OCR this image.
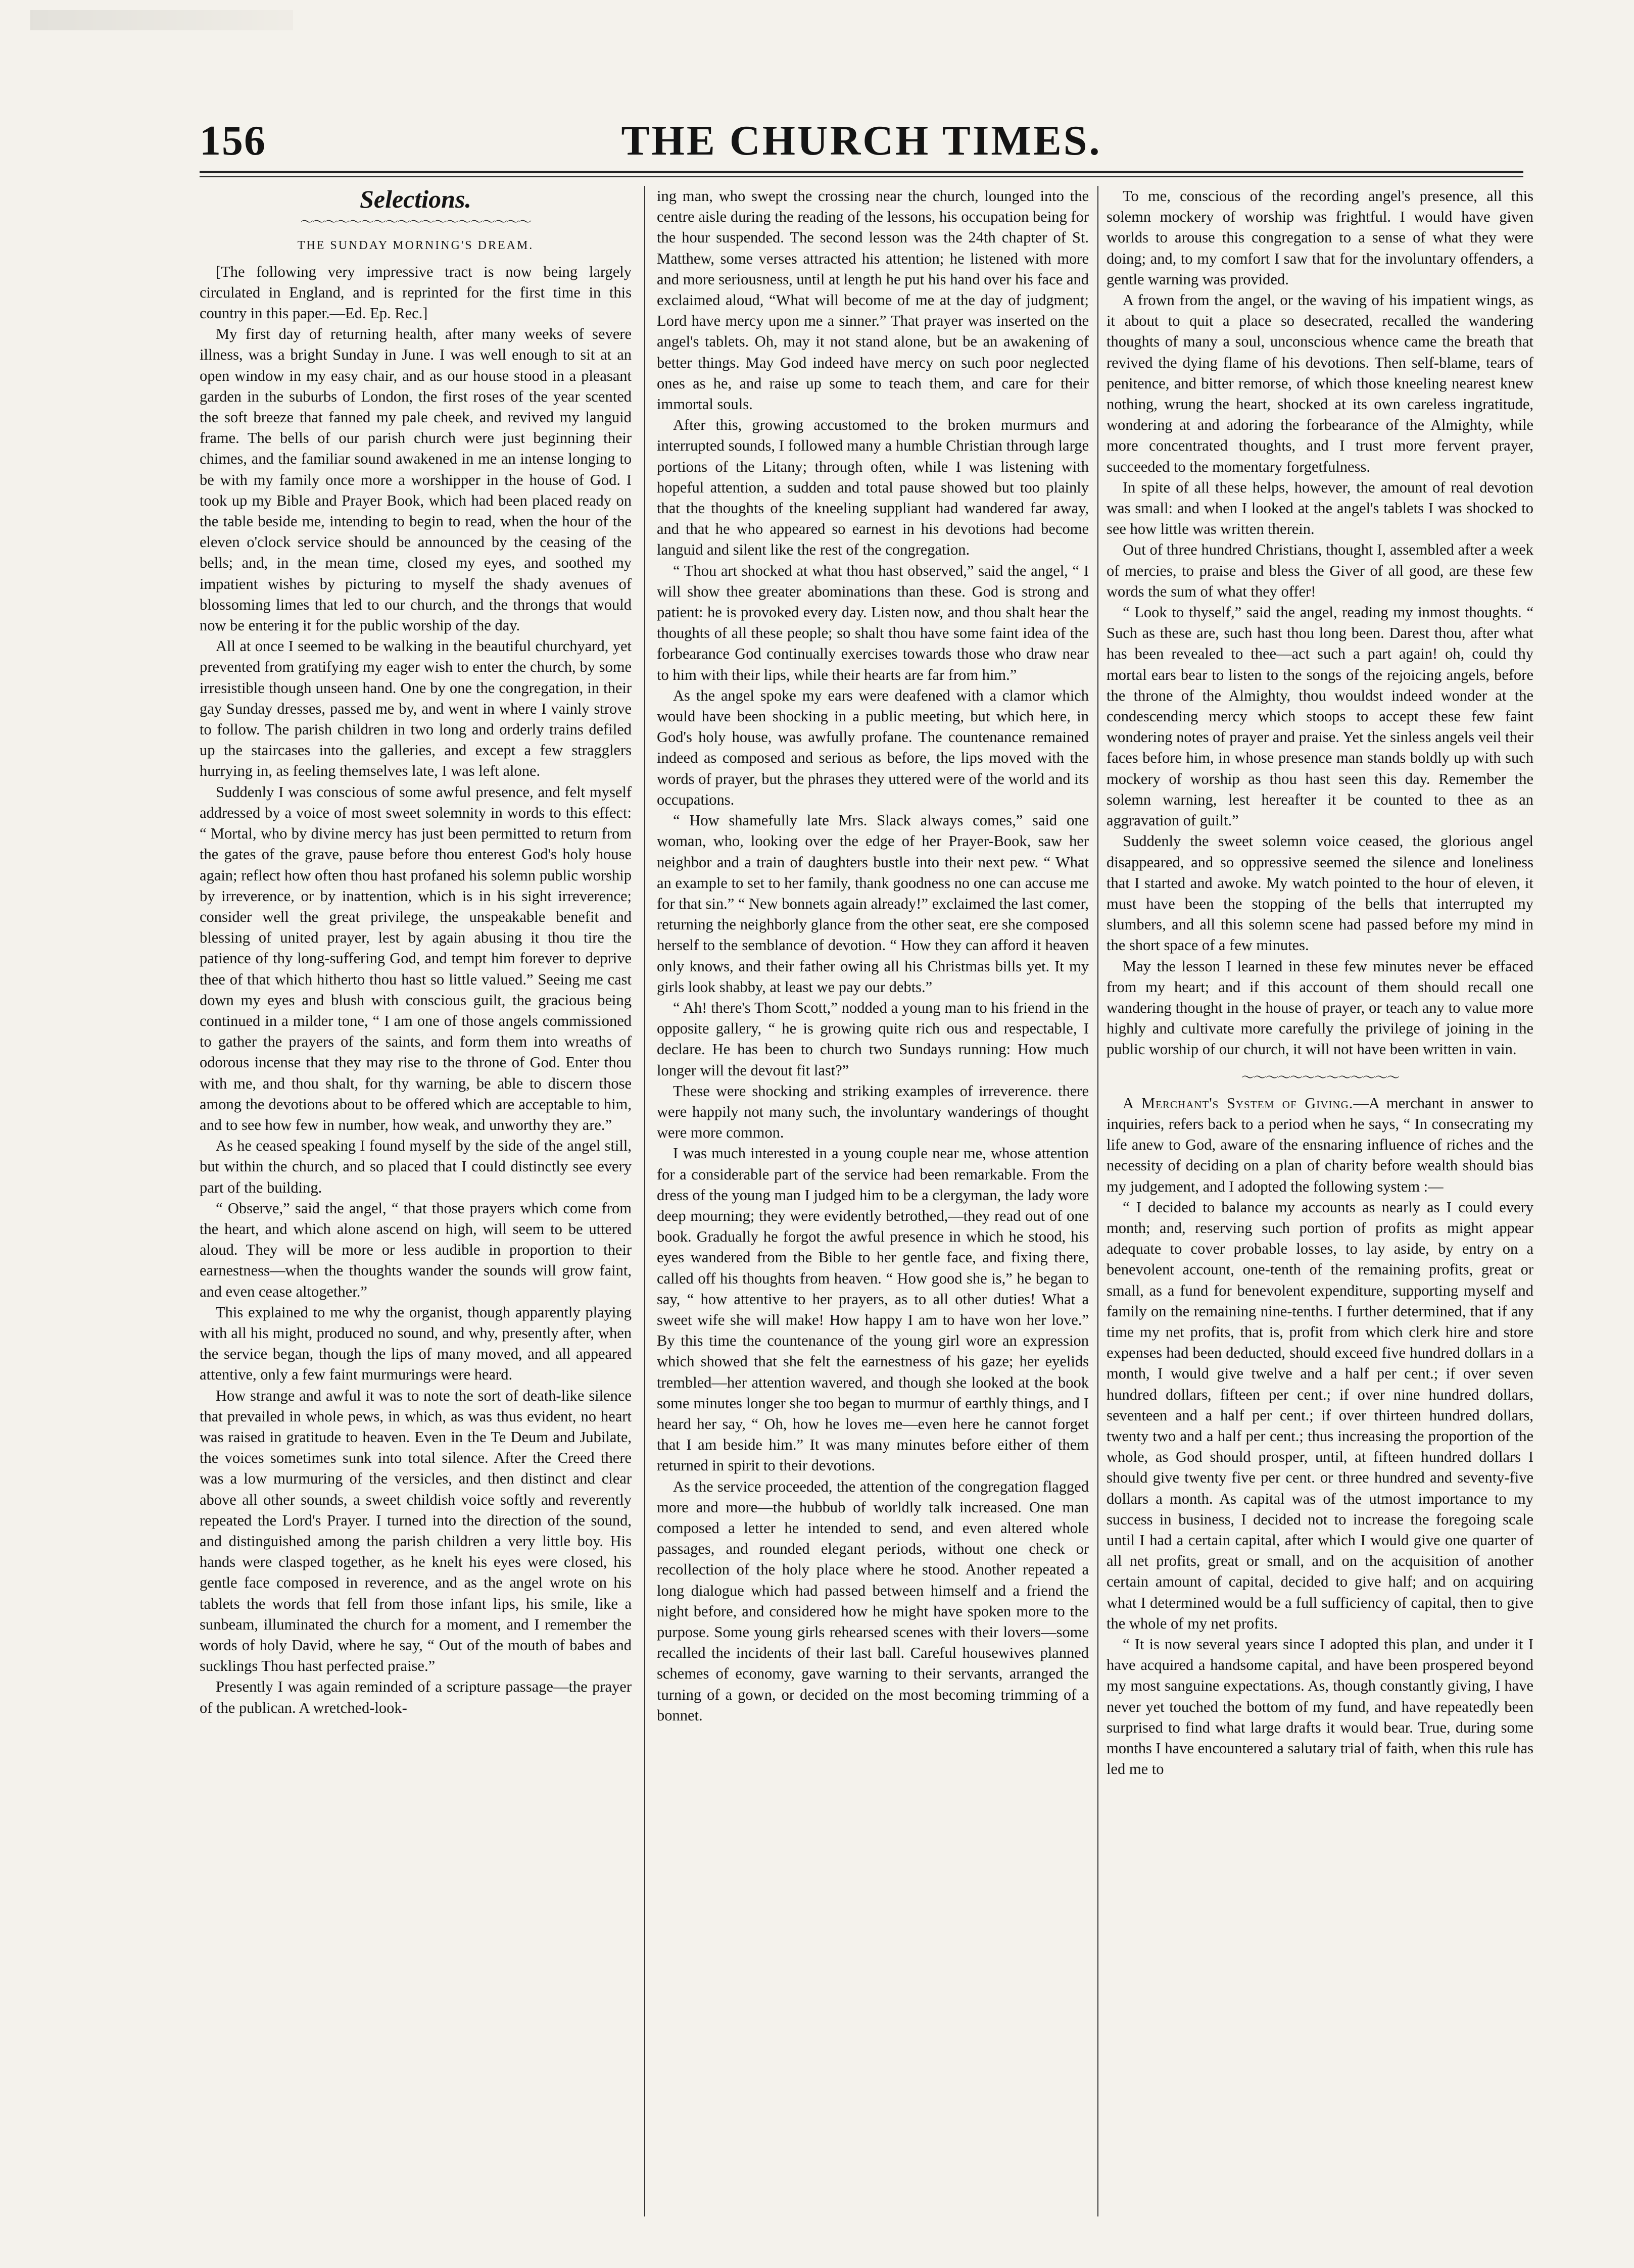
156	THE CHURCH TIMES.
Selections.
〜〜〜〜〜〜〜〜〜〜〜〜〜〜〜〜〜〜〜
THE SUNDAY MORNING'S DREAM.

[The following very impressive tract is now being largely circulated in England, and is reprinted for the first time in this country in this paper.—Ed. Ep. Rec.]

My first day of returning health, after many weeks of severe illness, was a bright Sunday in June. I was well enough to sit at an open window in my easy chair, and as our house stood in a pleasant garden in the suburbs of London, the first roses of the year scented the soft breeze that fanned my pale cheek, and revived my languid frame. The bells of our parish church were just beginning their chimes, and the familiar sound awakened in me an intense longing to be with my family once more a worshipper in the house of God. I took up my Bible and Prayer Book, which had been placed ready on the table beside me, intending to begin to read, when the hour of the eleven o'clock service should be announced by the ceasing of the bells; and, in the mean time, closed my eyes, and soothed my impatient wishes by picturing to myself the shady avenues of blossoming limes that led to our church, and the throngs that would now be entering it for the public worship of the day.

All at once I seemed to be walking in the beautiful churchyard, yet prevented from gratifying my eager wish to enter the church, by some irresistible though unseen hand. One by one the congregation, in their gay Sunday dresses, passed me by, and went in where I vainly strove to follow. The parish children in two long and orderly trains defiled up the staircases into the galleries, and except a few stragglers hurrying in, as feeling themselves late, I was left alone.

Suddenly I was conscious of some awful presence, and felt myself addressed by a voice of most sweet solemnity in words to this effect: “ Mortal, who by divine mercy has just been permitted to return from the gates of the grave, pause before thou enterest God's holy house again; reflect how often thou hast profaned his solemn public worship by irreverence, or by inattention, which is in his sight irreverence; consider well the great privilege, the unspeakable benefit and blessing of united prayer, lest by again abusing it thou tire the patience of thy long-suffering God, and tempt him forever to deprive thee of that which hitherto thou hast so little valued.” Seeing me cast down my eyes and blush with conscious guilt, the gracious being continued in a milder tone, “ I am one of those angels commissioned to gather the prayers of the saints, and form them into wreaths of odorous incense that they may rise to the throne of God. Enter thou with me, and thou shalt, for thy warning, be able to discern those among the devotions about to be offered which are acceptable to him, and to see how few in number, how weak, and unworthy they are.”

As he ceased speaking I found myself by the side of the angel still, but within the church, and so placed that I could distinctly see every part of the building.

“ Observe,” said the angel, “ that those prayers which come from the heart, and which alone ascend on high, will seem to be uttered aloud. They will be more or less audible in proportion to their earnestness—when the thoughts wander the sounds will grow faint, and even cease altogether.”

This explained to me why the organist, though apparently playing with all his might, produced no sound, and why, presently after, when the service began, though the lips of many moved, and all appeared attentive, only a few faint murmurings were heard.

How strange and awful it was to note the sort of death-like silence that prevailed in whole pews, in which, as was thus evident, no heart was raised in gratitude to heaven. Even in the Te Deum and Jubilate, the voices sometimes sunk into total silence. After the Creed there was a low murmuring of the versicles, and then distinct and clear above all other sounds, a sweet childish voice softly and reverently repeated the Lord's Prayer. I turned into the direction of the sound, and distinguished among the parish children a very little boy. His hands were clasped together, as he knelt his eyes were closed, his gentle face composed in reverence, and as the angel wrote on his tablets the words that fell from those infant lips, his smile, like a sunbeam, illuminated the church for a moment, and I remember the words of holy David, where he say, “ Out of the mouth of babes and sucklings Thou hast perfected praise.”

Presently I was again reminded of a scripture passage—the prayer of the publican. A wretched-look-

ing man, who swept the crossing near the church, lounged into the centre aisle during the reading of the lessons, his occupation being for the hour suspended. The second lesson was the 24th chapter of St. Matthew, some verses attracted his attention; he listened with more and more seriousness, until at length he put his hand over his face and exclaimed aloud, “What will become of me at the day of judgment; Lord have mercy upon me a sinner.” That prayer was inserted on the angel's tablets. Oh, may it not stand alone, but be an awakening of better things. May God indeed have mercy on such poor neglected ones as he, and raise up some to teach them, and care for their immortal souls.

After this, growing accustomed to the broken murmurs and interrupted sounds, I followed many a humble Christian through large portions of the Litany; through often, while I was listening with hopeful attention, a sudden and total pause showed but too plainly that the thoughts of the kneeling suppliant had wandered far away, and that he who appeared so earnest in his devotions had become languid and silent like the rest of the congregation.

“ Thou art shocked at what thou hast observed,” said the angel, “ I will show thee greater abominations than these. God is strong and patient: he is provoked every day. Listen now, and thou shalt hear the thoughts of all these people; so shalt thou have some faint idea of the forbearance God continually exercises towards those who draw near to him with their lips, while their hearts are far from him.”

As the angel spoke my ears were deafened with a clamor which would have been shocking in a public meeting, but which here, in God's holy house, was awfully profane. The countenance remained indeed as composed and serious as before, the lips moved with the words of prayer, but the phrases they uttered were of the world and its occupations.

“ How shamefully late Mrs. Slack always comes,” said one woman, who, looking over the edge of her Prayer-Book, saw her neighbor and a train of daughters bustle into their next pew. “ What an example to set to her family, thank goodness no one can accuse me for that sin.” “ New bonnets again already!” exclaimed the last comer, returning the neighborly glance from the other seat, ere she composed herself to the semblance of devotion. “ How they can afford it heaven only knows, and their father owing all his Christmas bills yet. It my girls look shabby, at least we pay our debts.”

“ Ah! there's Thom Scott,” nodded a young man to his friend in the opposite gallery, “ he is growing quite rich ous and respectable, I declare. He has been to church two Sundays running: How much longer will the devout fit last?”

These were shocking and striking examples of irreverence. there were happily not many such, the involuntary wanderings of thought were more common.

I was much interested in a young couple near me, whose attention for a considerable part of the service had been remarkable. From the dress of the young man I judged him to be a clergyman, the lady wore deep mourning; they were evidently betrothed,—they read out of one book. Gradually he forgot the awful presence in which he stood, his eyes wandered from the Bible to her gentle face, and fixing there, called off his thoughts from heaven. “ How good she is,” he began to say, “ how attentive to her prayers, as to all other duties! What a sweet wife she will make! How happy I am to have won her love.” By this time the countenance of the young girl wore an expression which showed that she felt the earnestness of his gaze; her eyelids trembled—her attention wavered, and though she looked at the book some minutes longer she too began to murmur of earthly things, and I heard her say, “ Oh, how he loves me—even here he cannot forget that I am beside him.” It was many minutes before either of them returned in spirit to their devotions.

As the service proceeded, the attention of the congregation flagged more and more—the hubbub of worldly talk increased. One man composed a letter he intended to send, and even altered whole passages, and rounded elegant periods, without one check or recollection of the holy place where he stood. Another repeated a long dialogue which had passed between himself and a friend the night before, and considered how he might have spoken more to the purpose. Some young girls rehearsed scenes with their lovers—some recalled the incidents of their last ball. Careful housewives planned schemes of economy, gave warning to their servants, arranged the turning of a gown, or decided on the most becoming trimming of a bonnet.

To me, conscious of the recording angel's presence, all this solemn mockery of worship was frightful. I would have given worlds to arouse this congregation to a sense of what they were doing; and, to my comfort I saw that for the involuntary offenders, a gentle warning was provided.

A frown from the angel, or the waving of his impatient wings, as it about to quit a place so desecrated, recalled the wandering thoughts of many a soul, unconscious whence came the breath that revived the dying flame of his devotions. Then self-blame, tears of penitence, and bitter remorse, of which those kneeling nearest knew nothing, wrung the heart, shocked at its own careless ingratitude, wondering at and adoring the forbearance of the Almighty, while more concentrated thoughts, and I trust more fervent prayer, succeeded to the momentary forgetfulness.

In spite of all these helps, however, the amount of real devotion was small: and when I looked at the angel's tablets I was shocked to see how little was written therein.

Out of three hundred Christians, thought I, assembled after a week of mercies, to praise and bless the Giver of all good, are these few words the sum of what they offer!

“ Look to thyself,” said the angel, reading my inmost thoughts. “ Such as these are, such hast thou long been. Darest thou, after what has been revealed to thee—act such a part again! oh, could thy mortal ears bear to listen to the songs of the rejoicing angels, before the throne of the Almighty, thou wouldst indeed wonder at the condescending mercy which stoops to accept these few faint wondering notes of prayer and praise. Yet the sinless angels veil their faces before him, in whose presence man stands boldly up with such mockery of worship as thou hast seen this day. Remember the solemn warning, lest hereafter it be counted to thee as an aggravation of guilt.”

Suddenly the sweet solemn voice ceased, the glorious angel disappeared, and so oppressive seemed the silence and loneliness that I started and awoke. My watch pointed to the hour of eleven, it must have been the stopping of the bells that interrupted my slumbers, and all this solemn scene had passed before my mind in the short space of a few minutes.

May the lesson I learned in these few minutes never be effaced from my heart; and if this account of them should recall one wandering thought in the house of prayer, or teach any to value more highly and cultivate more carefully the privilege of joining in the public worship of our church, it will not have been written in vain.

〜〜〜〜〜〜〜〜〜〜〜〜〜

A Merchant's System of Giving.—A merchant in answer to inquiries, refers back to a period when he says, “ In consecrating my life anew to God, aware of the ensnaring influence of riches and the necessity of deciding on a plan of charity before wealth should bias my judgement, and I adopted the following system :—

“ I decided to balance my accounts as nearly as I could every month; and, reserving such portion of profits as might appear adequate to cover probable losses, to lay aside, by entry on a benevolent account, one-tenth of the remaining profits, great or small, as a fund for benevolent expenditure, supporting myself and family on the remaining nine-tenths. I further determined, that if any time my net profits, that is, profit from which clerk hire and store expenses had been deducted, should exceed five hundred dollars in a month, I would give twelve and a half per cent.; if over seven hundred dollars, fifteen per cent.; if over nine hundred dollars, seventeen and a half per cent.; if over thirteen hundred dollars, twenty two and a half per cent.; thus increasing the proportion of the whole, as God should prosper, until, at fifteen hundred dollars I should give twenty five per cent. or three hundred and seventy-five dollars a month. As capital was of the utmost importance to my success in business, I decided not to increase the foregoing scale until I had a certain capital, after which I would give one quarter of all net profits, great or small, and on the acquisition of another certain amount of capital, decided to give half; and on acquiring what I determined would be a full sufficiency of capital, then to give the whole of my net profits.

“ It is now several years since I adopted this plan, and under it I have acquired a handsome capital, and have been prospered beyond my most sanguine expectations. As, though constantly giving, I have never yet touched the bottom of my fund, and have repeatedly been surprised to find what large drafts it would bear. True, during some months I have encountered a salutary trial of faith, when this rule has led me to
